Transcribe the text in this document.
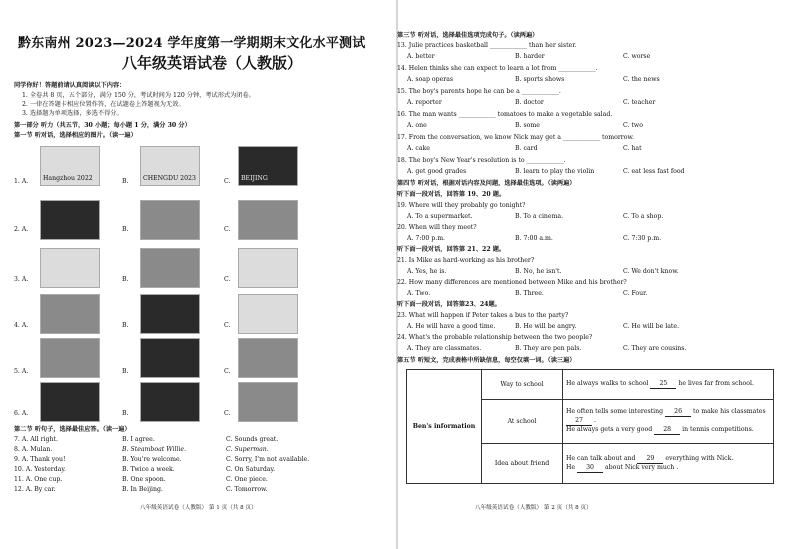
黔东南州 2023—2024 学年度第一学期期末文化水平测试
八年级英语试卷（人教版）
同学你好！答题前请认真阅读以下内容：
1. 全卷共 8 页，五个部分，满分 150 分，考试时间为 120 分钟，考试形式为闭卷。
2. 一律在答题卡相应位置作答，在试题卷上答题视为无效。
3. 选择题为单项选择，多选不得分。
第一部分 听力（共五节，30 小题；每小题 1 分，满分 30 分）
第一节 听对话，选择相应的图片。（读一遍）
1. A. Hangzhou 2022	B. CHENGDU 2023	C. BEIJING
2. A.	B.	C.
3. A.	B.	C.
4. A.	B.	C.
5. A.	B.	C.
6. A.	B.	C.
第二节 听句子，选择最佳应答。（读一遍）
7. A. All right.	B. I agree.	C. Sounds great.
8. A. Mulan.	B. Steamboat Willie.	C. Superman.
9. A. Thank you!	B. You're welcome.	C. Sorry, I'm not available.
10. A. Yesterday.	B. Twice a week.	C. On Saturday.
11. A. One cup.	B. One spoon.	C. One piece.
12. A. By car.	B. In Beijing.	C. Tomorrow.
八年级英语试卷（人教版） 第 1 页（共 8 页）
第三节 听对话，选择最佳选项完成句子。（读两遍）
13. Julie practices basketball ____________ than her sister.
A. better	B. harder	C. worse
14. Helen thinks she can expect to learn a lot from ____________.
A. soap operas	B. sports shows	C. the news
15. The boy's parents hope he can be a ____________.
A. reporter	B. doctor	C. teacher
16. The man wants ____________ tomatoes to make a vegetable salad.
A. one	B. some	C. two
17. From the conversation, we know Nick may get a ____________ tomorrow.
A. cake	B. card	C. hat
18. The boy's New Year's resolution is to ____________.
A. get good grades	B. learn to play the violin	C. eat less fast food
第四节 听对话，根据对话内容及问题，选择最佳选项。（读两遍）
听下面一段对话，回答第 19、20 题。
19. Where will they probably go tonight?
A. To a supermarket.	B. To a cinema.	C. To a shop.
20. When will they meet?
A. 7:00 p.m.	B. 7:00 a.m.	C. 7:30 p.m.
听下面一段对话，回答第 21、22 题。
21. Is Mike as hard-working as his brother?
A. Yes, he is.	B. No, he isn't.	C. We don't know.
22. How many differences are mentioned between Mike and his brother?
A. Two.	B. Three.	C. Four.
听下面一段对话，回答第23、24题。
23. What will happen if Peter takes a bus to the party?
A. He will have a good time.	B. He will be angry.	C. He will be late.
24. What's the probable relationship between the two people?
A. They are classmates.	B. They are pen pals.	C. They are cousins.
第五节 听短文，完成表格中所缺信息，每空仅填一词。（读三遍）
八年级英语试卷（人教版） 第 2 页（共 8 页）
Ben's information	Way to school	He always walks to school 25 he lives far from school.
	At school	He often tells some interesting 26 to make his classmates 27 .
He always gets a very good 28 in tennis competitions.
	Idea about friend	He can talk about and 29 everything with Nick.
He 30 about Nick very much .
